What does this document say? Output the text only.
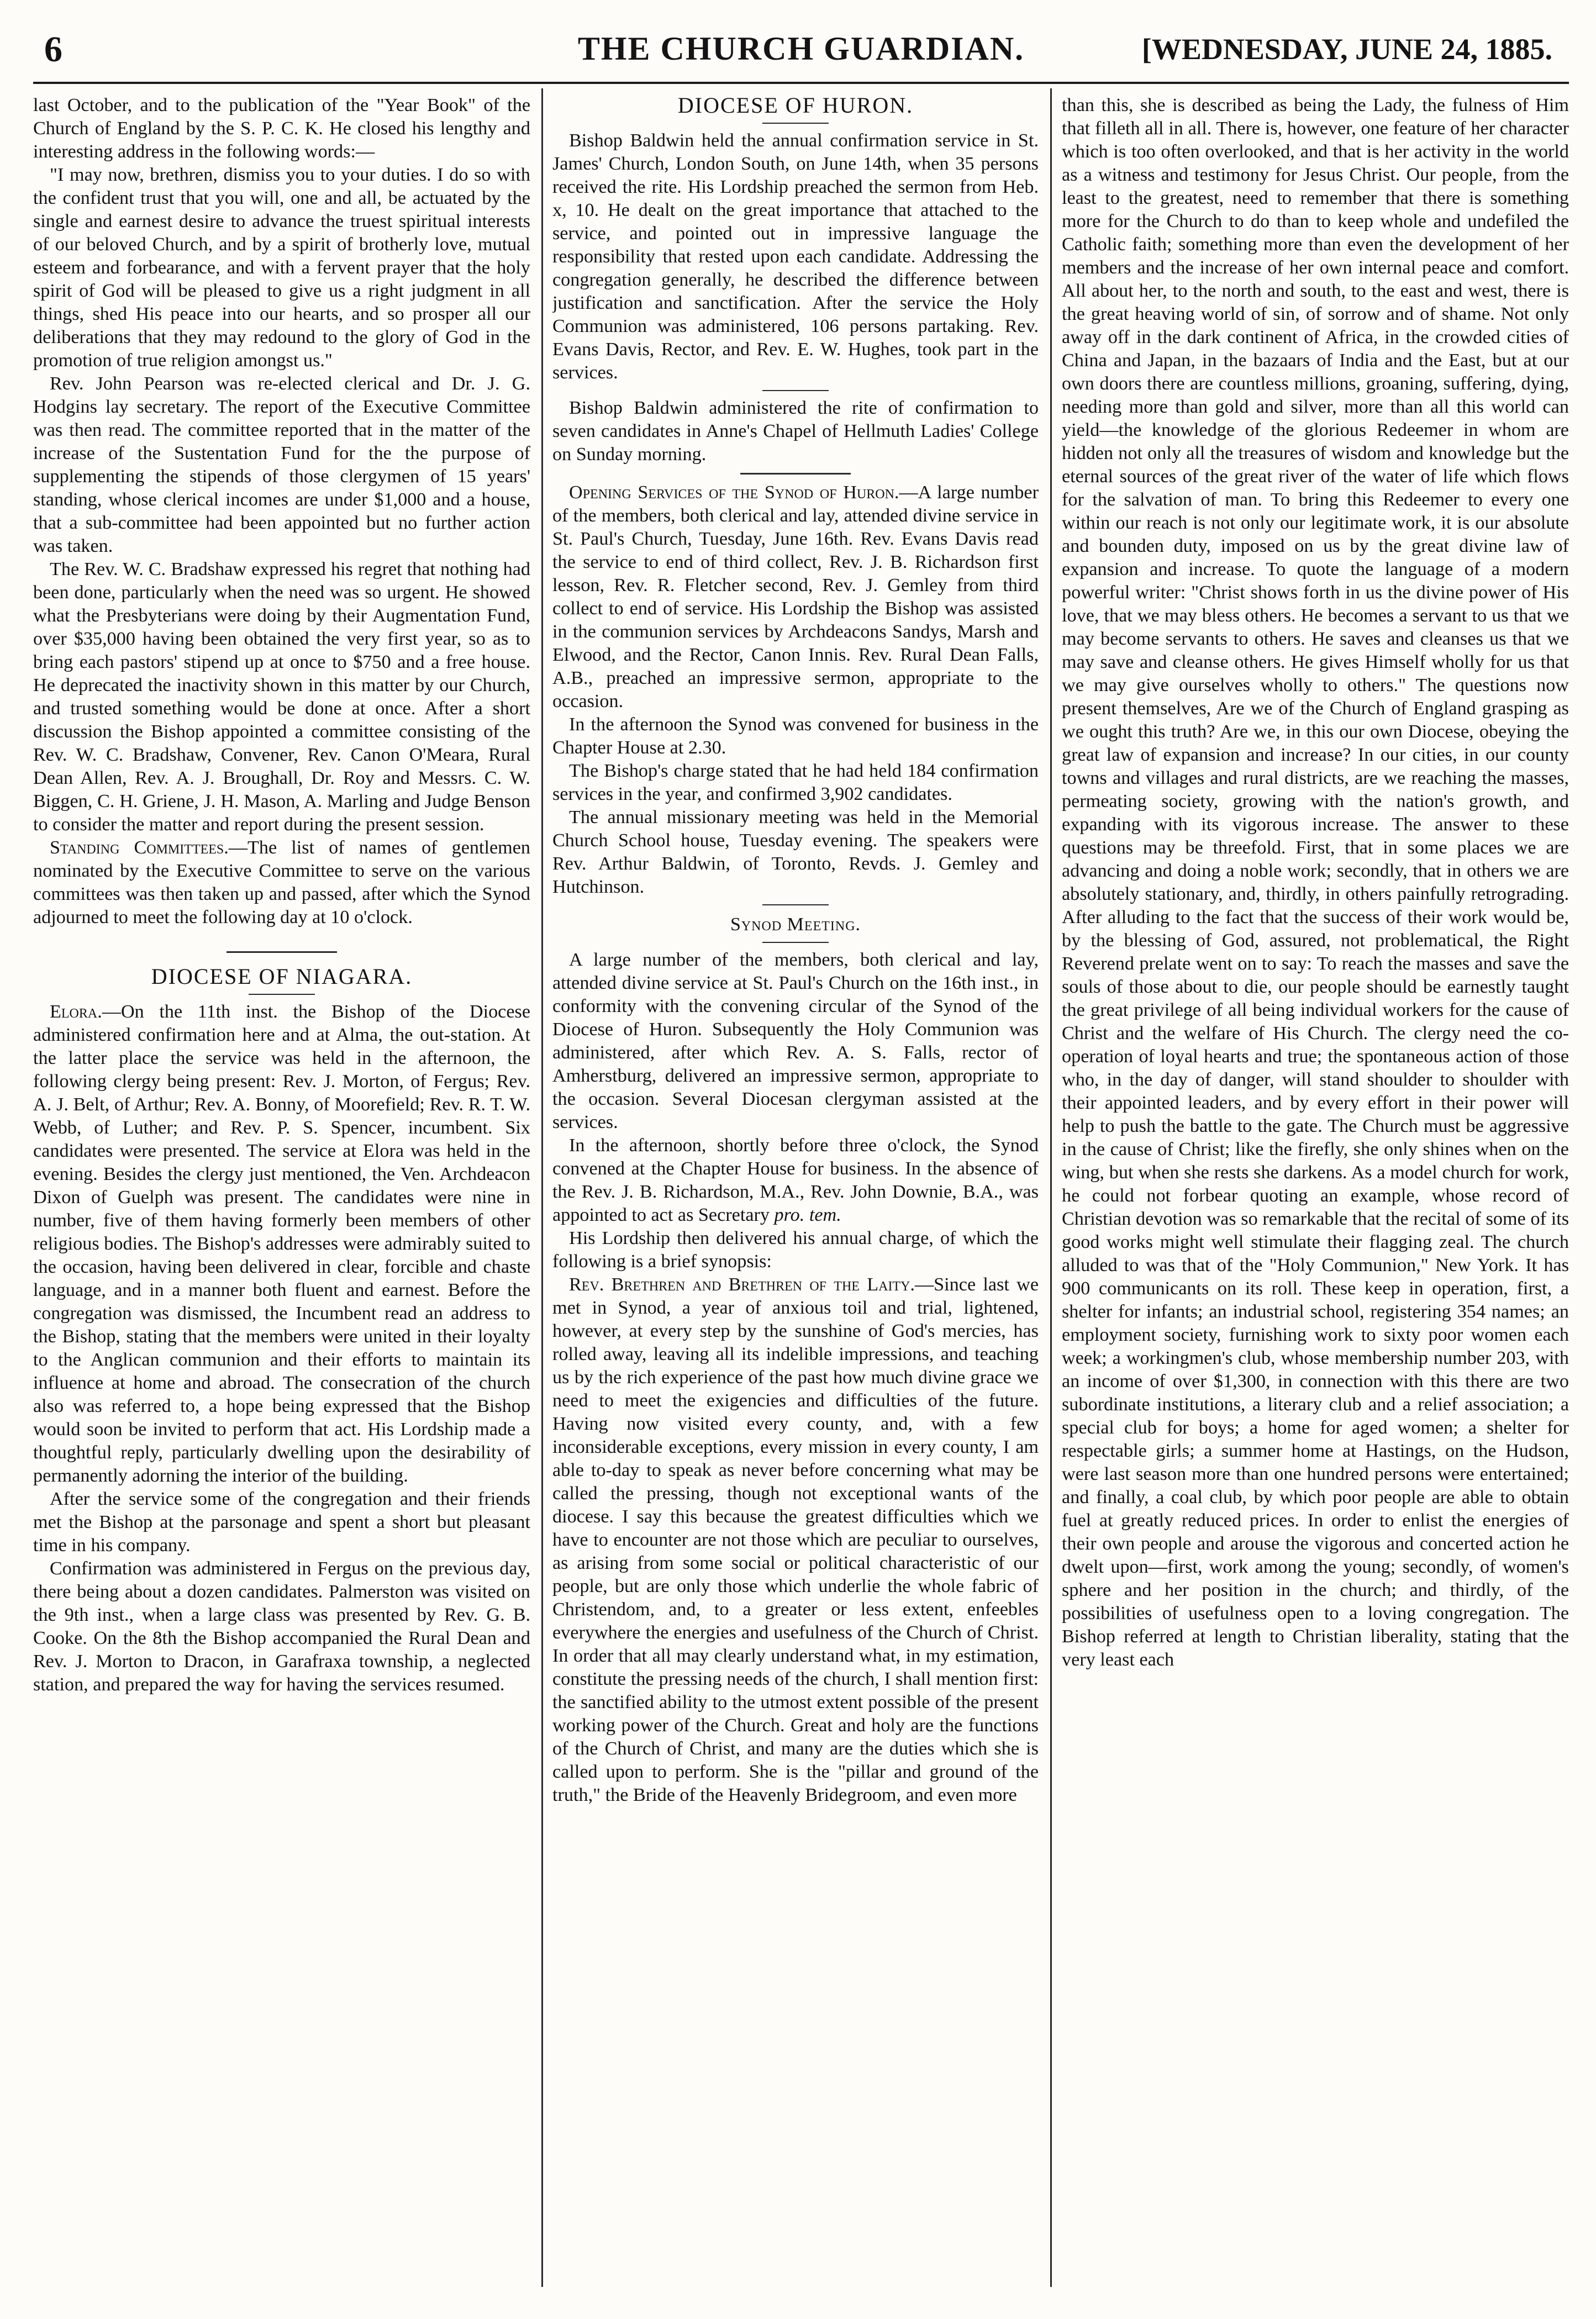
6	THE CHURCH GUARDIAN.	[WEDNESDAY, JUNE 24, 1885.

last October, and to the publication of the "Year Book" of the Church of England by the S. P. C. K. He closed his lengthy and interesting address in the following words:—

"I may now, brethren, dismiss you to your duties. I do so with the confident trust that you will, one and all, be actuated by the single and earnest desire to advance the truest spiritual interests of our beloved Church, and by a spirit of brotherly love, mutual esteem and forbearance, and with a fervent prayer that the holy spirit of God will be pleased to give us a right judgment in all things, shed His peace into our hearts, and so prosper all our deliberations that they may redound to the glory of God in the promotion of true religion amongst us."

Rev. John Pearson was re-elected clerical and Dr. J. G. Hodgins lay secretary. The report of the Executive Committee was then read. The committee reported that in the matter of the increase of the Sustentation Fund for the the purpose of supplementing the stipends of those clergymen of 15 years' standing, whose clerical incomes are under $1,000 and a house, that a sub-committee had been appointed but no further action was taken.

The Rev. W. C. Bradshaw expressed his regret that nothing had been done, particularly when the need was so urgent. He showed what the Presbyterians were doing by their Augmentation Fund, over $35,000 having been obtained the very first year, so as to bring each pastors' stipend up at once to $750 and a free house. He deprecated the inactivity shown in this matter by our Church, and trusted something would be done at once. After a short discussion the Bishop appointed a committee consisting of the Rev. W. C. Bradshaw, Convener, Rev. Canon O'Meara, Rural Dean Allen, Rev. A. J. Broughall, Dr. Roy and Messrs. C. W. Biggen, C. H. Griene, J. H. Mason, A. Marling and Judge Benson to consider the matter and report during the present session.

Standing Committees.—The list of names of gentlemen nominated by the Executive Committee to serve on the various committees was then taken up and passed, after which the Synod adjourned to meet the following day at 10 o'clock.

DIOCESE OF NIAGARA.

Elora.—On the 11th inst. the Bishop of the Diocese administered confirmation here and at Alma, the out-station. At the latter place the service was held in the afternoon, the following clergy being present: Rev. J. Morton, of Fergus; Rev. A. J. Belt, of Arthur; Rev. A. Bonny, of Moorefield; Rev. R. T. W. Webb, of Luther; and Rev. P. S. Spencer, incumbent. Six candidates were presented. The service at Elora was held in the evening. Besides the clergy just mentioned, the Ven. Archdeacon Dixon of Guelph was present. The candidates were nine in number, five of them having formerly been members of other religious bodies. The Bishop's addresses were admirably suited to the occasion, having been delivered in clear, forcible and chaste language, and in a manner both fluent and earnest. Before the congregation was dismissed, the Incumbent read an address to the Bishop, stating that the members were united in their loyalty to the Anglican communion and their efforts to maintain its influence at home and abroad. The consecration of the church also was referred to, a hope being expressed that the Bishop would soon be invited to perform that act. His Lordship made a thoughtful reply, particularly dwelling upon the desirability of permanently adorning the interior of the building.

After the service some of the congregation and their friends met the Bishop at the parsonage and spent a short but pleasant time in his company.

Confirmation was administered in Fergus on the previous day, there being about a dozen candidates. Palmerston was visited on the 9th inst., when a large class was presented by Rev. G. B. Cooke. On the 8th the Bishop accompanied the Rural Dean and Rev. J. Morton to Dracon, in Garafraxa township, a neglected station, and prepared the way for having the services resumed.

DIOCESE OF HURON.

Bishop Baldwin held the annual confirmation service in St. James' Church, London South, on June 14th, when 35 persons received the rite. His Lordship preached the sermon from Heb. x, 10. He dealt on the great importance that attached to the service, and pointed out in impressive language the responsibility that rested upon each candidate. Addressing the congregation generally, he described the difference between justification and sanctification. After the service the Holy Communion was administered, 106 persons partaking. Rev. Evans Davis, Rector, and Rev. E. W. Hughes, took part in the services.

Bishop Baldwin administered the rite of confirmation to seven candidates in Anne's Chapel of Hellmuth Ladies' College on Sunday morning.

Opening Services of the Synod of Huron.—A large number of the members, both clerical and lay, attended divine service in St. Paul's Church, Tuesday, June 16th. Rev. Evans Davis read the service to end of third collect, Rev. J. B. Richardson first lesson, Rev. R. Fletcher second, Rev. J. Gemley from third collect to end of service. His Lordship the Bishop was assisted in the communion services by Archdeacons Sandys, Marsh and Elwood, and the Rector, Canon Innis. Rev. Rural Dean Falls, A.B., preached an impressive sermon, appropriate to the occasion.

In the afternoon the Synod was convened for business in the Chapter House at 2.30.

The Bishop's charge stated that he had held 184 confirmation services in the year, and confirmed 3,902 candidates.

The annual missionary meeting was held in the Memorial Church School house, Tuesday evening. The speakers were Rev. Arthur Baldwin, of Toronto, Revds. J. Gemley and Hutchinson.

Synod Meeting.

A large number of the members, both clerical and lay, attended divine service at St. Paul's Church on the 16th inst., in conformity with the convening circular of the Synod of the Diocese of Huron. Subsequently the Holy Communion was administered, after which Rev. A. S. Falls, rector of Amherstburg, delivered an impressive sermon, appropriate to the occasion. Several Diocesan clergyman assisted at the services.

In the afternoon, shortly before three o'clock, the Synod convened at the Chapter House for business. In the absence of the Rev. J. B. Richardson, M.A., Rev. John Downie, B.A., was appointed to act as Secretary pro. tem.

His Lordship then delivered his annual charge, of which the following is a brief synopsis:

Rev. Brethren and Brethren of the Laity.—Since last we met in Synod, a year of anxious toil and trial, lightened, however, at every step by the sunshine of God's mercies, has rolled away, leaving all its indelible impressions, and teaching us by the rich experience of the past how much divine grace we need to meet the exigencies and difficulties of the future. Having now visited every county, and, with a few inconsiderable exceptions, every mission in every county, I am able to-day to speak as never before concerning what may be called the pressing, though not exceptional wants of the diocese. I say this because the greatest difficulties which we have to encounter are not those which are peculiar to ourselves, as arising from some social or political characteristic of our people, but are only those which underlie the whole fabric of Christendom, and, to a greater or less extent, enfeebles everywhere the energies and usefulness of the Church of Christ. In order that all may clearly understand what, in my estimation, constitute the pressing needs of the church, I shall mention first: the sanctified ability to the utmost extent possible of the present working power of the Church. Great and holy are the functions of the Church of Christ, and many are the duties which she is called upon to perform. She is the "pillar and ground of the truth," the Bride of the Heavenly Bridegroom, and even more

than this, she is described as being the Lady, the fulness of Him that filleth all in all. There is, however, one feature of her character which is too often overlooked, and that is her activity in the world as a witness and testimony for Jesus Christ. Our people, from the least to the greatest, need to remember that there is something more for the Church to do than to keep whole and undefiled the Catholic faith; something more than even the development of her members and the increase of her own internal peace and comfort. All about her, to the north and south, to the east and west, there is the great heaving world of sin, of sorrow and of shame. Not only away off in the dark continent of Africa, in the crowded cities of China and Japan, in the bazaars of India and the East, but at our own doors there are countless millions, groaning, suffering, dying, needing more than gold and silver, more than all this world can yield—the knowledge of the glorious Redeemer in whom are hidden not only all the treasures of wisdom and knowledge but the eternal sources of the great river of the water of life which flows for the salvation of man. To bring this Redeemer to every one within our reach is not only our legitimate work, it is our absolute and bounden duty, imposed on us by the great divine law of expansion and increase. To quote the language of a modern powerful writer: "Christ shows forth in us the divine power of His love, that we may bless others. He becomes a servant to us that we may become servants to others. He saves and cleanses us that we may save and cleanse others. He gives Himself wholly for us that we may give ourselves wholly to others." The questions now present themselves, Are we of the Church of England grasping as we ought this truth? Are we, in this our own Diocese, obeying the great law of expansion and increase? In our cities, in our county towns and villages and rural districts, are we reaching the masses, permeating society, growing with the nation's growth, and expanding with its vigorous increase. The answer to these questions may be threefold. First, that in some places we are advancing and doing a noble work; secondly, that in others we are absolutely stationary, and, thirdly, in others painfully retrograding. After alluding to the fact that the success of their work would be, by the blessing of God, assured, not problematical, the Right Reverend prelate went on to say: To reach the masses and save the souls of those about to die, our people should be earnestly taught the great privilege of all being individual workers for the cause of Christ and the welfare of His Church. The clergy need the co-operation of loyal hearts and true; the spontaneous action of those who, in the day of danger, will stand shoulder to shoulder with their appointed leaders, and by every effort in their power will help to push the battle to the gate. The Church must be aggressive in the cause of Christ; like the firefly, she only shines when on the wing, but when she rests she darkens. As a model church for work, he could not forbear quoting an example, whose record of Christian devotion was so remarkable that the recital of some of its good works might well stimulate their flagging zeal. The church alluded to was that of the "Holy Communion," New York. It has 900 communicants on its roll. These keep in operation, first, a shelter for infants; an industrial school, registering 354 names; an employment society, furnishing work to sixty poor women each week; a workingmen's club, whose membership number 203, with an income of over $1,300, in connection with this there are two subordinate institutions, a literary club and a relief association; a special club for boys; a home for aged women; a shelter for respectable girls; a summer home at Hastings, on the Hudson, were last season more than one hundred persons were entertained; and finally, a coal club, by which poor people are able to obtain fuel at greatly reduced prices. In order to enlist the energies of their own people and arouse the vigorous and concerted action he dwelt upon—first, work among the young; secondly, of women's sphere and her position in the church; and thirdly, of the possibilities of usefulness open to a loving congregation. The Bishop referred at length to Christian liberality, stating that the very least each
